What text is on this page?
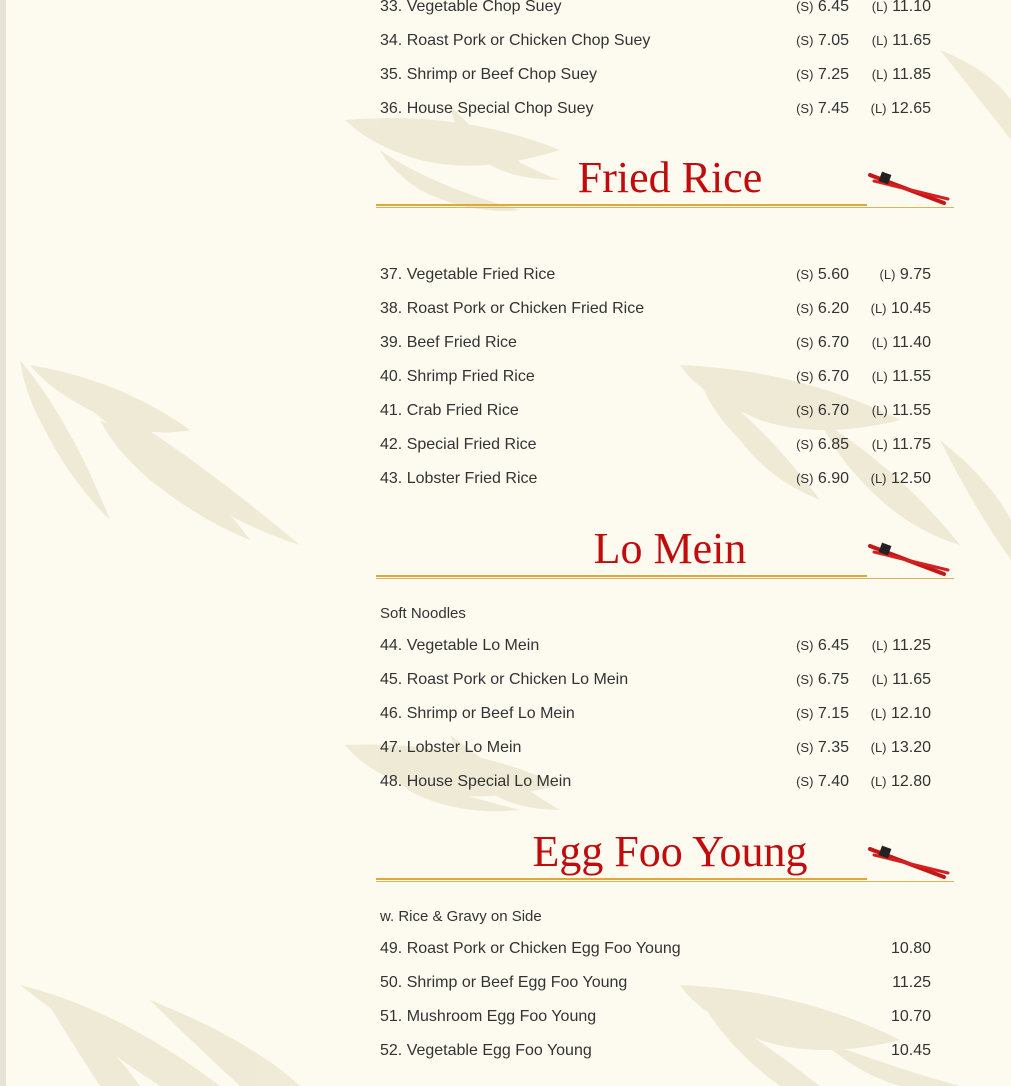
33. Vegetable Chop Suey	(S) 6.45 (L) 11.10
34. Roast Pork or Chicken Chop Suey	(S) 7.05 (L) 11.65
35. Shrimp or Beef Chop Suey	(S) 7.25 (L) 11.85
36. House Special Chop Suey	(S) 7.45 (L) 12.65
Fried Rice
37. Vegetable Fried Rice	(S) 5.60 (L) 9.75
38. Roast Pork or Chicken Fried Rice	(S) 6.20 (L) 10.45
39. Beef Fried Rice	(S) 6.70 (L) 11.40
40. Shrimp Fried Rice	(S) 6.70 (L) 11.55
41. Crab Fried Rice	(S) 6.70 (L) 11.55
42. Special Fried Rice	(S) 6.85 (L) 11.75
43. Lobster Fried Rice	(S) 6.90 (L) 12.50
Lo Mein
Soft Noodles
44. Vegetable Lo Mein	(S) 6.45 (L) 11.25
45. Roast Pork or Chicken Lo Mein	(S) 6.75 (L) 11.65
46. Shrimp or Beef Lo Mein	(S) 7.15 (L) 12.10
47. Lobster Lo Mein	(S) 7.35 (L) 13.20
48. House Special Lo Mein	(S) 7.40 (L) 12.80
Egg Foo Young
w. Rice & Gravy on Side
49. Roast Pork or Chicken Egg Foo Young	10.80
50. Shrimp or Beef Egg Foo Young	11.25
51. Mushroom Egg Foo Young	10.70
52. Vegetable Egg Foo Young	10.45
